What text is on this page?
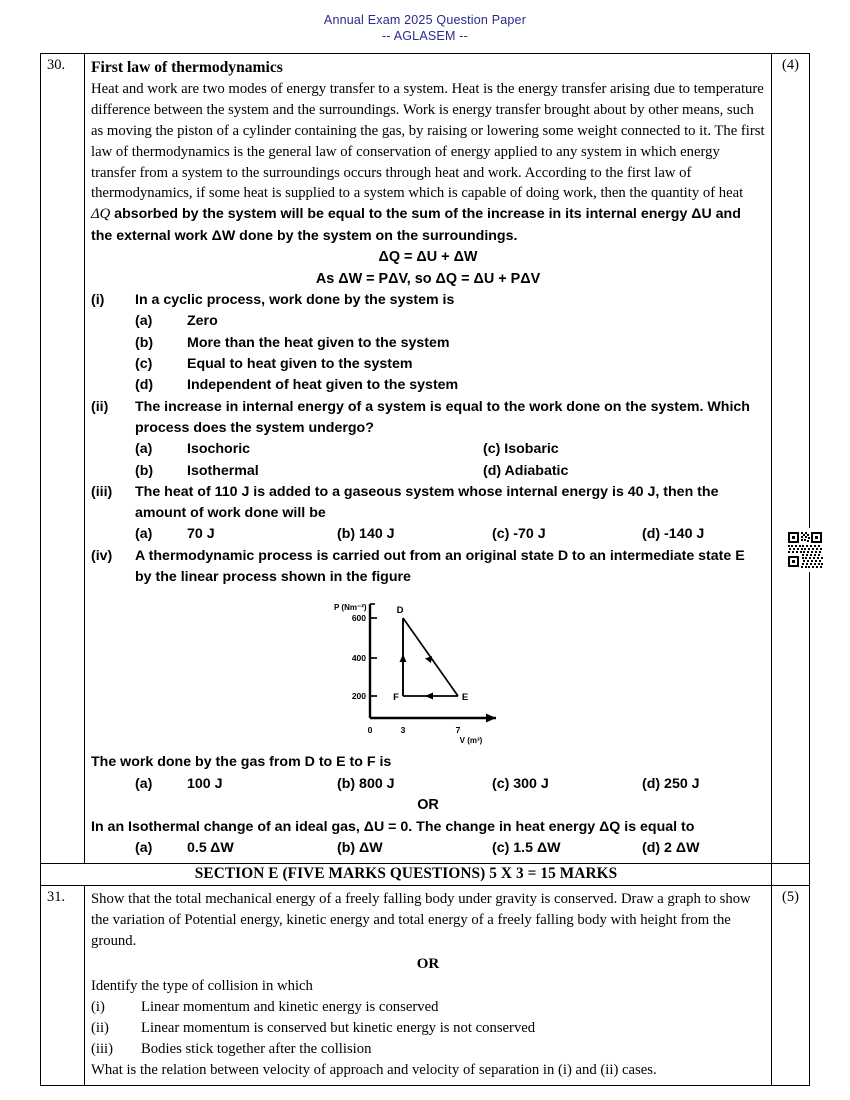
Annual Exam 2025 Question Paper
-- AGLASEM --
30.	First law of thermodynamics
Heat and work are two modes of energy transfer to a system. Heat is the energy transfer arising due to temperature difference between the system and the surroundings. Work is energy transfer brought about by other means, such as moving the piston of a cylinder containing the gas, by raising or lowering some weight connected to it. The first law of thermodynamics is the general law of conservation of energy applied to any system in which energy transfer from a system to the surroundings occurs through heat and work. According to the first law of thermodynamics, if some heat is supplied to a system which is capable of doing work, then the quantity of heat ΔQ absorbed by the system will be equal to the sum of the increase in its internal energy ΔU and the external work ΔW done by the system on the surroundings.
ΔQ = ΔU + ΔW
As ΔW = PΔV, so ΔQ = ΔU + PΔV
(i)	In a cyclic process, work done by the system is
(a)	Zero
(b)	More than the heat given to the system
(c)	Equal to heat given to the system
(d)	Independent of heat given to the system
(ii)	The increase in internal energy of a system is equal to the work done on the system. Which process does the system undergo?
(a)	Isochoric	(c) Isobaric
(b)	Isothermal	(d) Adiabatic
(iii)	The heat of 110 J is added to a gaseous system whose internal energy is 40 J, then the amount of work done will be
(a)	70 J	(b) 140 J	(c) -70 J	(d) -140 J
(iv)	A thermodynamic process is carried out from an original state D to an intermediate state E by the linear process shown in the figure
600
400
200
0	3	7
P (Nm⁻²)
V (m³)
D
E
F
The work done by the gas from D to E to F is
(a)	100 J	(b) 800 J	(c) 300 J	(d) 250 J
OR
In an Isothermal change of an ideal gas, ΔU = 0. The change in heat energy ΔQ is equal to
(a)	0.5 ΔW	(b) ΔW	(c) 1.5 ΔW	(d) 2 ΔW
	(4)
SECTION E (FIVE MARKS QUESTIONS) 5 X 3 = 15 MARKS		
31.	Show that the total mechanical energy of a freely falling body under gravity is conserved. Draw a graph to show the variation of Potential energy, kinetic energy and total energy of a freely falling body with height from the ground.
OR
Identify the type of collision in which
(i)	Linear momentum and kinetic energy is conserved
(ii)	Linear momentum is conserved but kinetic energy is not conserved
(iii)	Bodies stick together after the collision
What is the relation between velocity of approach and velocity of separation in (i) and (ii) cases.
	(5)
